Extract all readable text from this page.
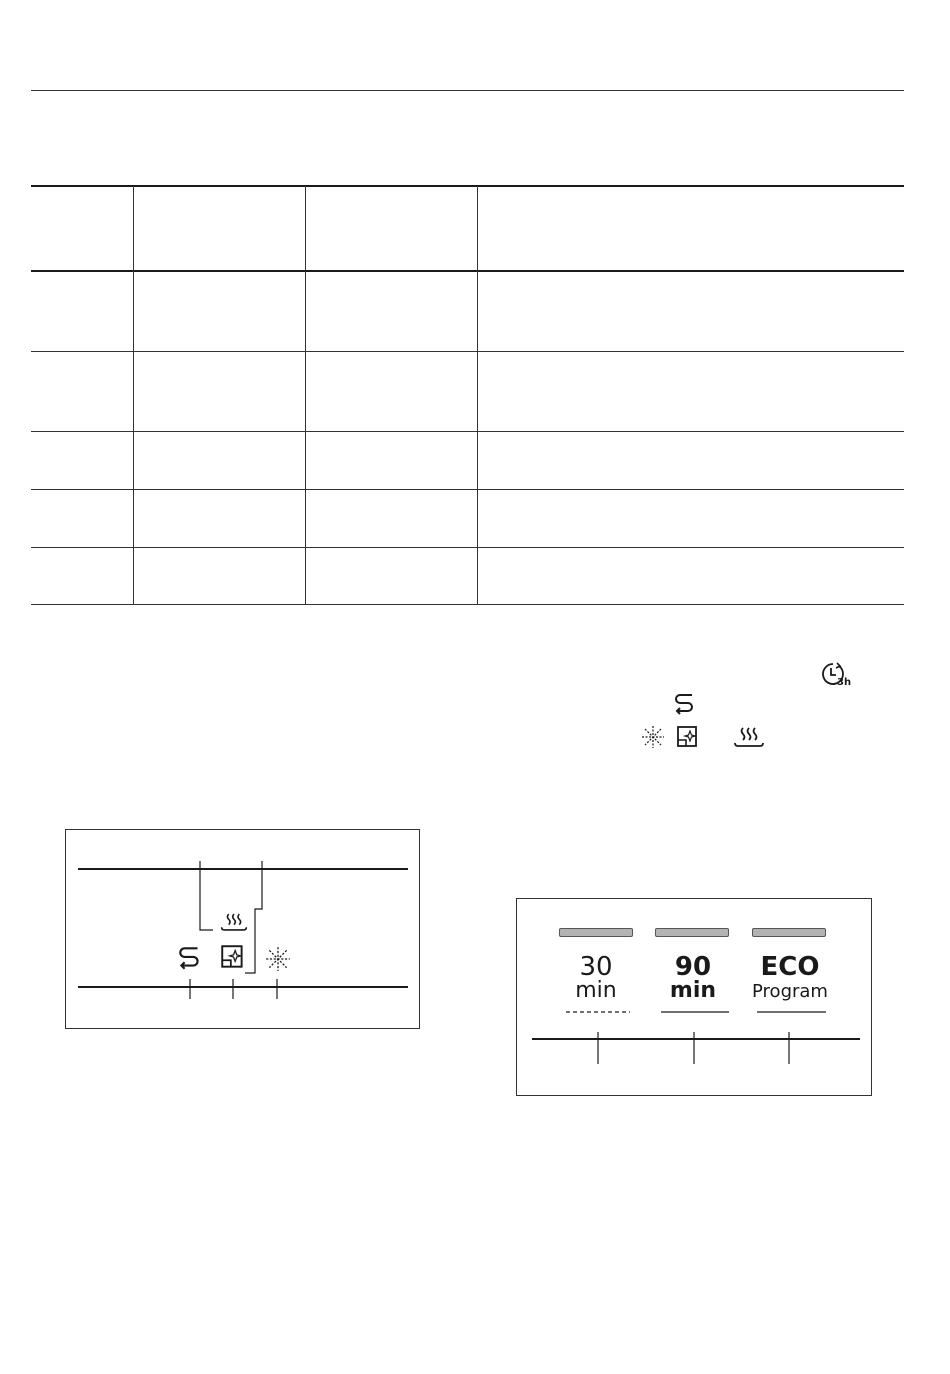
3h
30
min
90
min
ECO
Program
